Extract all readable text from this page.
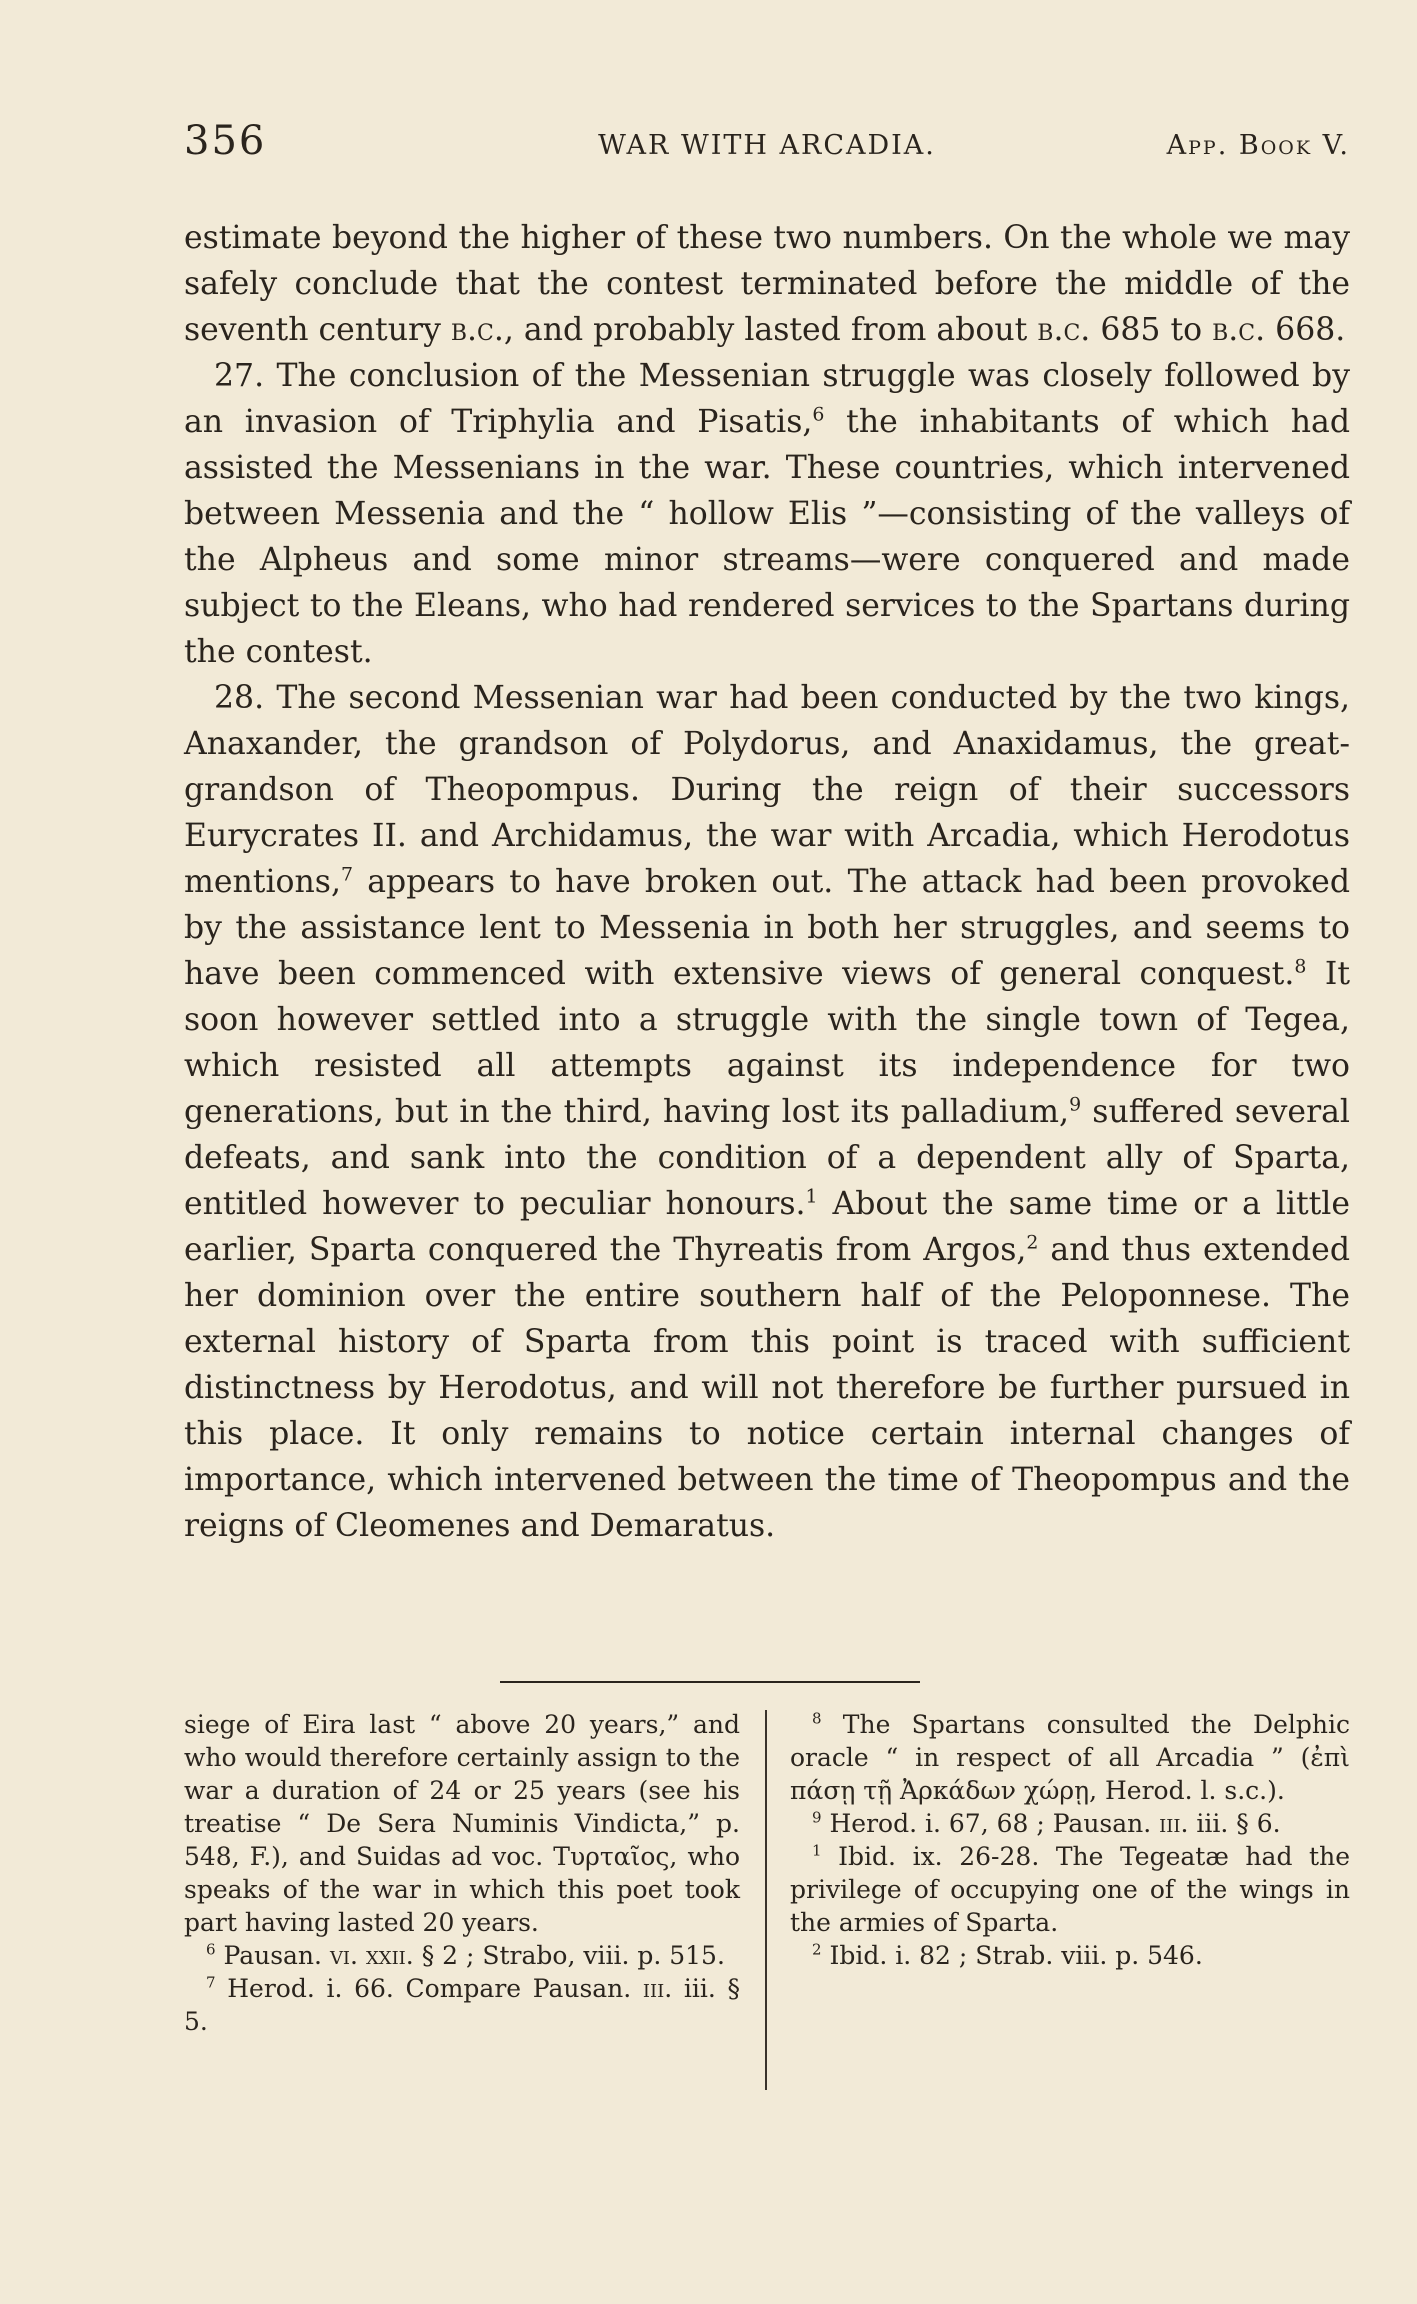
356	WAR WITH ARCADIA.	App. Book V.

estimate beyond the higher of these two numbers. On the whole we may safely conclude that the contest terminated before the middle of the seventh century b.c., and probably lasted from about b.c. 685 to b.c. 668.

27. The conclusion of the Messenian struggle was closely followed by an invasion of Triphylia and Pisatis,$^6$ the inhabitants of which had assisted the Messenians in the war. These countries, which intervened between Messenia and the “ hollow Elis ”—consisting of the valleys of the Alpheus and some minor streams—were conquered and made subject to the Eleans, who had rendered services to the Spartans during the contest.

28. The second Messenian war had been conducted by the two kings, Anaxander, the grandson of Polydorus, and Anaxidamus, the great-grandson of Theopompus. During the reign of their successors Eurycrates II. and Archidamus, the war with Arcadia, which Herodotus mentions,$^7$ appears to have broken out. The attack had been provoked by the assistance lent to Messenia in both her struggles, and seems to have been commenced with extensive views of general conquest.$^8$ It soon however settled into a struggle with the single town of Tegea, which resisted all attempts against its independence for two generations, but in the third, having lost its palladium,$^9$ suffered several defeats, and sank into the condition of a dependent ally of Sparta, entitled however to peculiar honours.$^1$ About the same time or a little earlier, Sparta conquered the Thyreatis from Argos,$^2$ and thus extended her dominion over the entire southern half of the Peloponnese. The external history of Sparta from this point is traced with sufficient distinctness by Herodotus, and will not therefore be further pursued in this place. It only remains to notice certain internal changes of importance, which intervened between the time of Theopompus and the reigns of Cleomenes and Demaratus.

siege of Eira last “ above 20 years,” and who would therefore certainly assign to the war a duration of 24 or 25 years (see his treatise “ De Sera Numinis Vindicta,” p. 548, F.), and Suidas ad voc. Τυρταῖος, who speaks of the war in which this poet took part having lasted 20 years.

$^6$ Pausan. vi. xxii. § 2 ; Strabo, viii. p. 515.

$^7$ Herod. i. 66. Compare Pausan. iii. iii. § 5.

$^8$ The Spartans consulted the Delphic oracle “ in respect of all Arcadia ” (ἐπὶ πάσῃ τῇ Ἀρκάδων χώρῃ, Herod. l. s.c.).

$^9$ Herod. i. 67, 68 ; Pausan. iii. iii. § 6.

$^1$ Ibid. ix. 26-28. The Tegeatæ had the privilege of occupying one of the wings in the armies of Sparta.

$^2$ Ibid. i. 82 ; Strab. viii. p. 546.
